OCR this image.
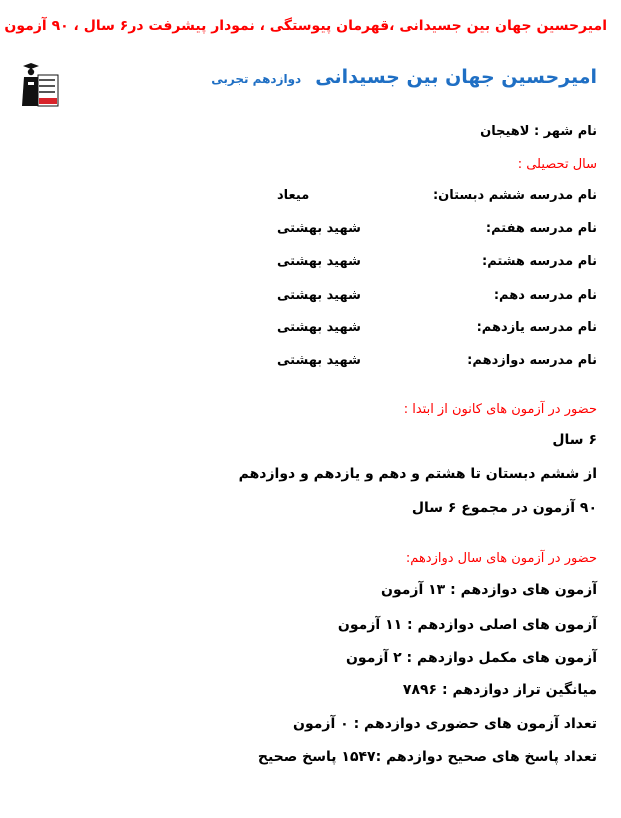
امیرحسین جهان بین جسیدانی ،قهرمان پیوستگی ، نمودار پیشرفت در۶ سال ، ۹۰ آزمون
امیرحسین جهان بین جسیدانی
دوازدهم تجربی
نام شهر : لاهیجان
سال تحصیلی :
نام مدرسه ششم دبستان:
میعاد
نام مدرسه هفتم:
شهید بهشتی
نام مدرسه هشتم:
شهید بهشتی
نام مدرسه دهم:
شهید بهشتی
نام مدرسه یازدهم:
شهید بهشتی
نام مدرسه دوازدهم:
شهید بهشتی
حضور در آزمون های کانون از ابتدا :
۶ سال
از ششم دبستان تا هشتم و دهم و یازدهم و دوازدهم
۹۰ آزمون در مجموع ۶ سال
حضور در آزمون های سال دوازدهم:
آزمون های دوازدهم : ۱۳ آزمون
آزمون های اصلی دوازدهم : ۱۱ آزمون
آزمون های مکمل دوازدهم : ۲ آزمون
میانگین تراز دوازدهم : ۷۸۹۶
تعداد آزمون های حضوری دوازدهم : ۰ آزمون
تعداد پاسخ های صحیح دوازدهم :۱۵۴۷ پاسخ صحیح
